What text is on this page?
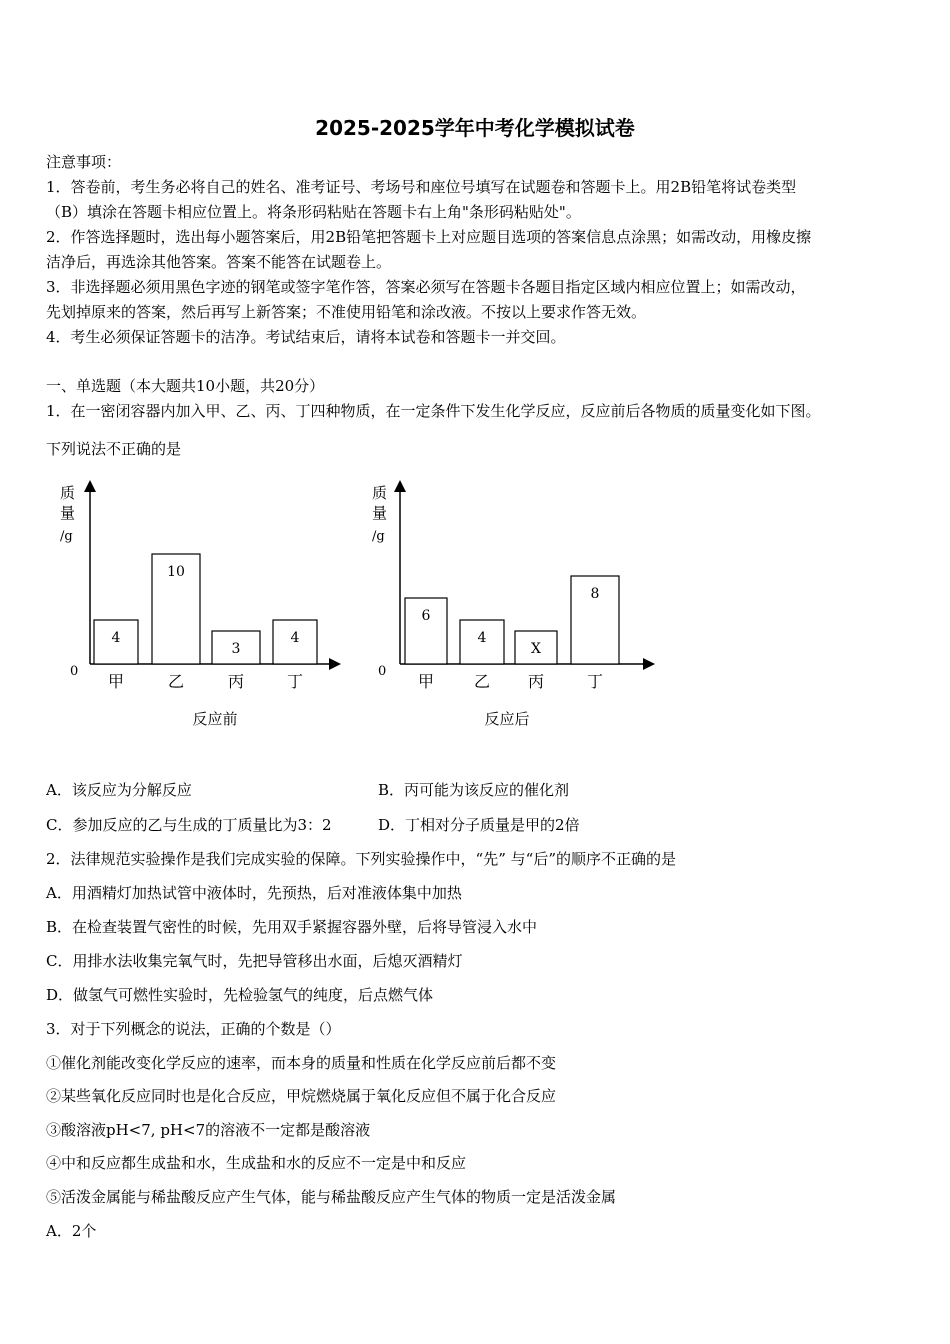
2025-2025学年中考化学模拟试卷
注意事项：
1．答卷前，考生务必将自己的姓名、准考证号、考场号和座位号填写在试题卷和答题卡上。用2B铅笔将试卷类型
（B）填涂在答题卡相应位置上。将条形码粘贴在答题卡右上角"条形码粘贴处"。
2．作答选择题时，选出每小题答案后，用2B铅笔把答题卡上对应题目选项的答案信息点涂黑；如需改动，用橡皮擦
洁净后，再选涂其他答案。答案不能答在试题卷上。
3．非选择题必须用黑色字迹的钢笔或签字笔作答，答案必须写在答题卡各题目指定区域内相应位置上；如需改动，
先划掉原来的答案，然后再写上新答案；不准使用铅笔和涂改液。不按以上要求作答无效。
4．考生必须保证答题卡的洁净。考试结束后，请将本试卷和答题卡一并交回。
一、单选题（本大题共10小题，共20分）
1．在一密闭容器内加入甲、乙、丙、丁四种物质，在一定条件下发生化学反应，反应前后各物质的质量变化如下图。
下列说法不正确的是
质
量
/g
0
4
甲
10
乙
3
丙
4
丁
反应前
质
量
/g
0
6
甲
4
乙
X
丙
8
丁
反应后
A．该反应为分解反应	B．丙可能为该反应的催化剂
C．参加反应的乙与生成的丁质量比为3：2	D．丁相对分子质量是甲的2倍
2．法律规范实验操作是我们完成实验的保障。下列实验操作中，“先” 与“后”的顺序不正确的是
A．用酒精灯加热试管中液体时，先预热，后对准液体集中加热
B．在检查装置气密性的时候，先用双手紧握容器外壁，后将导管浸入水中
C．用排水法收集完氧气时，先把导管移出水面，后熄灭酒精灯
D．做氢气可燃性实验时，先检验氢气的纯度，后点燃气体
3．对于下列概念的说法，正确的个数是（）
①催化剂能改变化学反应的速率，而本身的质量和性质在化学反应前后都不变
②某些氧化反应同时也是化合反应，甲烷燃烧属于氧化反应但不属于化合反应
③酸溶液pH<7, pH<7的溶液不一定都是酸溶液
④中和反应都生成盐和水，生成盐和水的反应不一定是中和反应
⑤活泼金属能与稀盐酸反应产生气体，能与稀盐酸反应产生气体的物质一定是活泼金属
A．2个
